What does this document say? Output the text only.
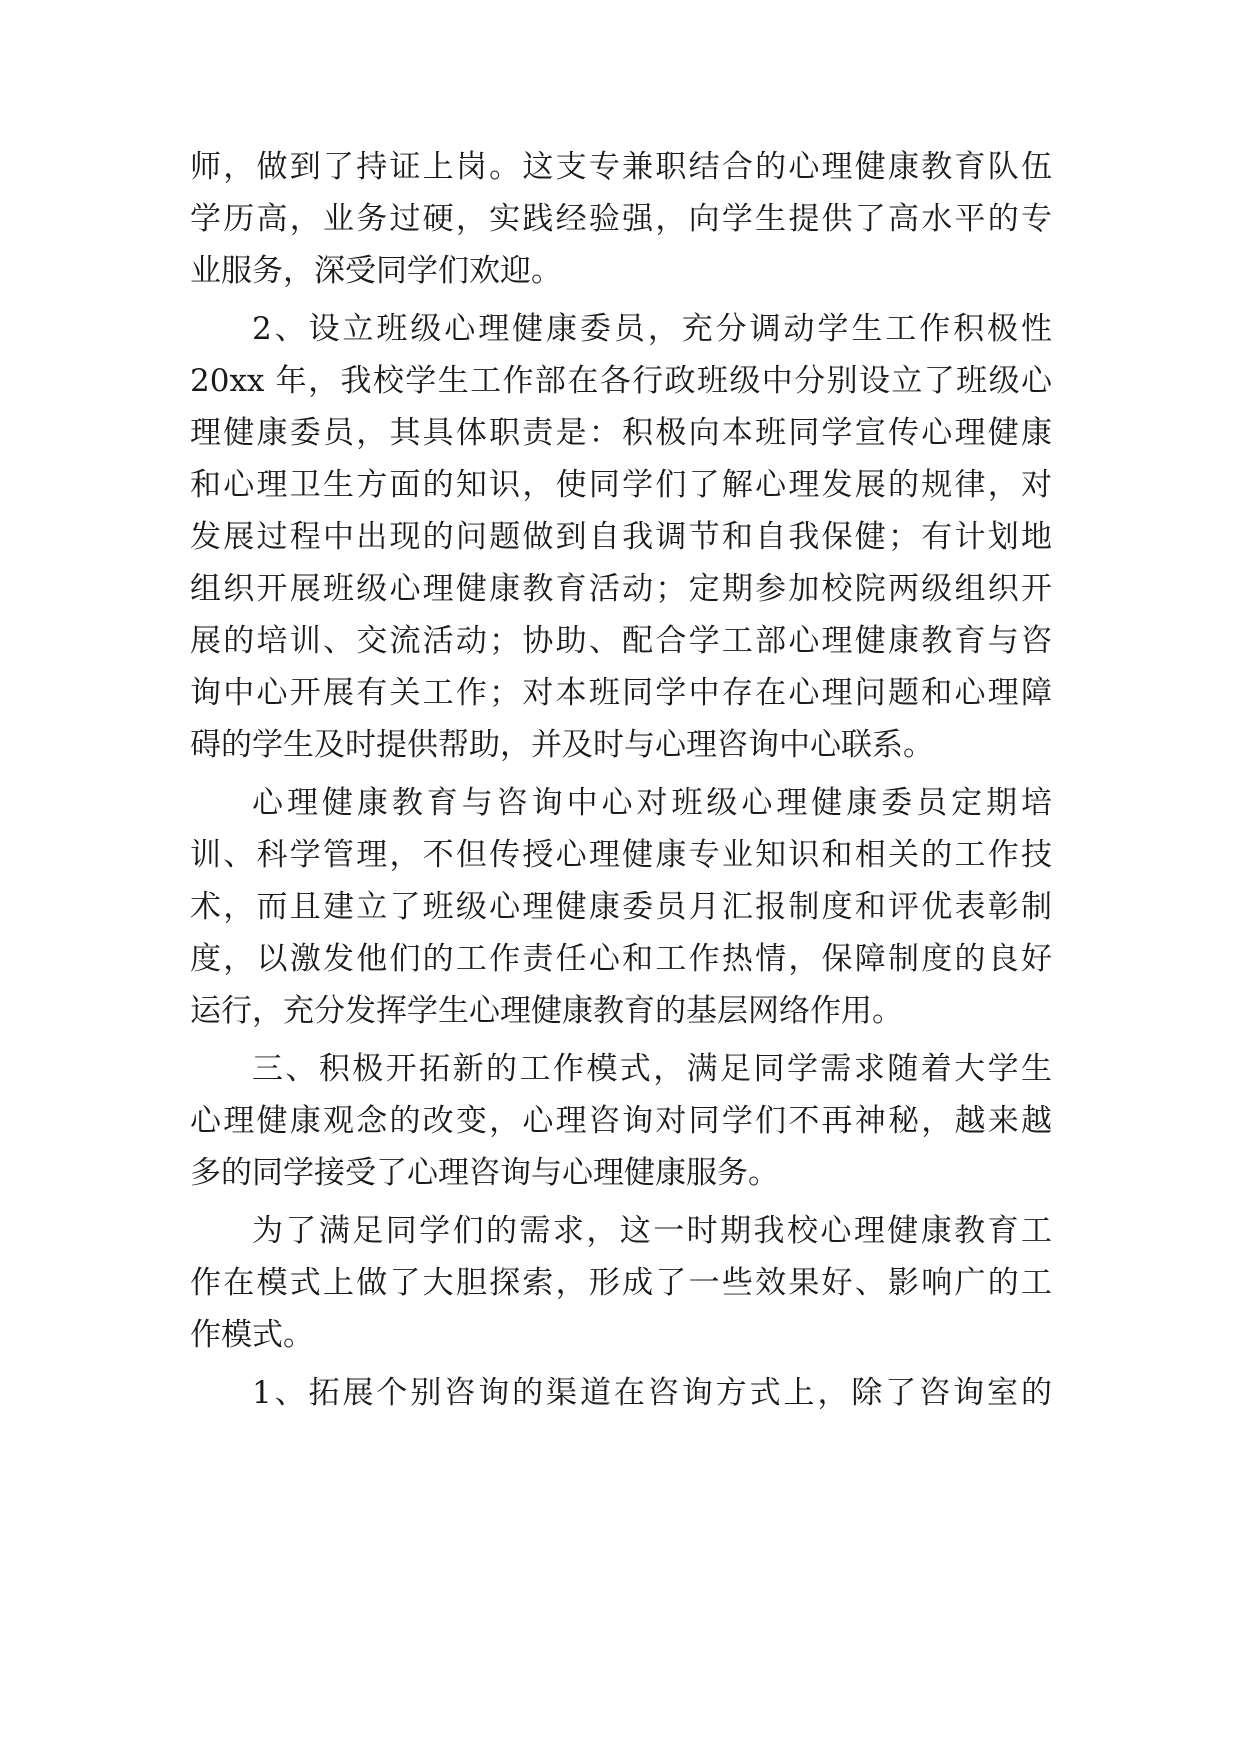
师，做到了持证上岗。这支专兼职结合的心理健康教育队伍
学历高，业务过硬，实践经验强，向学生提供了高水平的专
业服务，深受同学们欢迎。
2、设立班级心理健康委员，充分调动学生工作积极性
20xx 年，我校学生工作部在各行政班级中分别设立了班级心
理健康委员，其具体职责是：积极向本班同学宣传心理健康
和心理卫生方面的知识，使同学们了解心理发展的规律，对
发展过程中出现的问题做到自我调节和自我保健；有计划地
组织开展班级心理健康教育活动；定期参加校院两级组织开
展的培训、交流活动；协助、配合学工部心理健康教育与咨
询中心开展有关工作；对本班同学中存在心理问题和心理障
碍的学生及时提供帮助，并及时与心理咨询中心联系。
心理健康教育与咨询中心对班级心理健康委员定期培
训、科学管理，不但传授心理健康专业知识和相关的工作技
术，而且建立了班级心理健康委员月汇报制度和评优表彰制
度，以激发他们的工作责任心和工作热情，保障制度的良好
运行，充分发挥学生心理健康教育的基层网络作用。
三、积极开拓新的工作模式，满足同学需求随着大学生
心理健康观念的改变，心理咨询对同学们不再神秘，越来越
多的同学接受了心理咨询与心理健康服务。
为了满足同学们的需求，这一时期我校心理健康教育工
作在模式上做了大胆探索，形成了一些效果好、影响广的工
作模式。
1、拓展个别咨询的渠道在咨询方式上，除了咨询室的
